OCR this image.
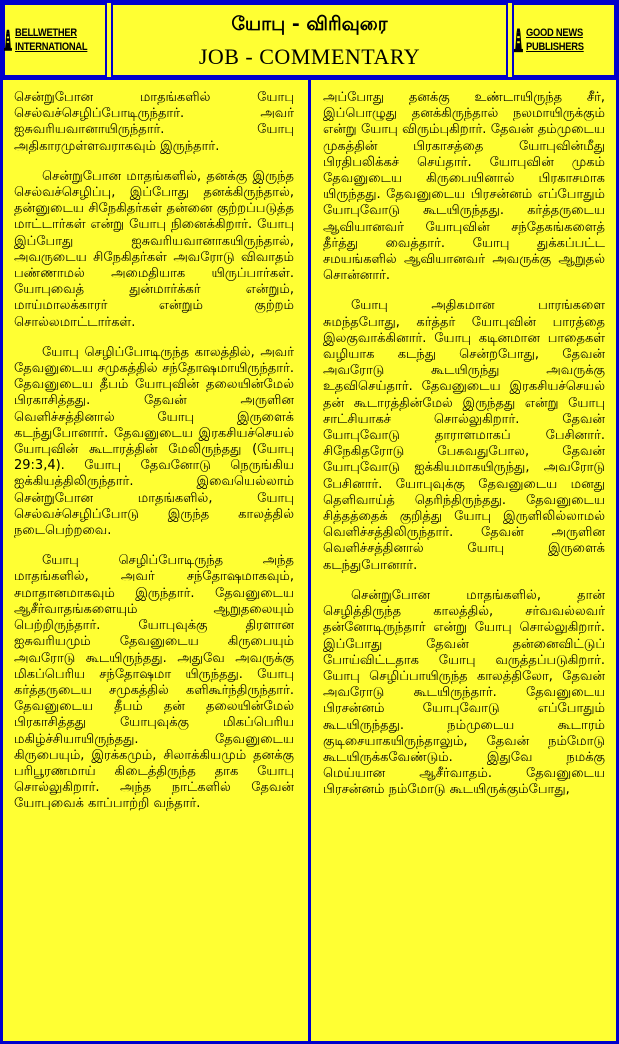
BELLWETHER INTERNATIONAL
யோபு - விரிவுரை
JOB - COMMENTARY
GOOD NEWS PUBLISHERS

சென்றுபோன மாதங்களில் யோபு செல்வச்செழிப்போடிருந்தார். அவர் ஐசுவரியவானாயிருந்தார். யோபு அதிகாரமுள்ளவராகவும் இருந்தார்.

சென்றுபோன மாதங்களில், தனக்கு இருந்த செல்வச்செழிப்பு, இப்போது தனக்கிருந்தால், தன்னுடைய சிநேகிதர்கள் தன்னை குற்றப்படுத்த மாட்டார்கள் என்று யோபு நினைக்கிறார். யோபு இப்போது ஐசுவரியவானாகயிருந்தால், அவருடைய சிநேகிதர்கள் அவரோடு விவாதம் பண்ணாமல் அமைதியாக யிருப்பார்கள். யோபுவைத் துன்மார்க்கர் என்றும், மாய்மாலக்காரர் என்றும் குற்றம் சொல்லமாட்டார்கள்.

யோபு செழிப்போடிருந்த காலத்தில், அவர் தேவனுடைய சமுகத்தில் சந்தோஷமாயிருந்தார். தேவனுடைய தீபம் யோபுவின் தலையின்மேல் பிரகாசித்தது. தேவன் அருளின வெளிச்சத்தினால் யோபு இருளைக் கடந்துபோனார். தேவனுடைய இரகசியச்செயல் யோபுவின் கூடாரத்தின் மேலிருந்தது (யோபு 29:3,4). யோபு தேவனோடு நெருங்கிய ஐக்கியத்திலிருந்தார். இவையெல்லாம் சென்றுபோன மாதங்களில், யோபு செல்வச்செழிப்போடு இருந்த காலத்தில் நடைபெற்றவை.

யோபு செழிப்போடிருந்த அந்த மாதங்களில், அவர் சந்தோஷமாகவும், சமாதானமாகவும் இருந்தார். தேவனுடைய ஆசீர்வாதங்களையும் ஆறுதலையும் பெற்றிருந்தார். யோபுவுக்கு திரளான ஐசுவரியமும் தேவனுடைய கிருபையும் அவரோடு கூடயிருந்தது. அதுவே அவருக்கு மிகப்பெரிய சந்தோஷமா யிருந்தது. யோபு கர்த்தருடைய சமுகத்தில் களிகூர்ந்திருந்தார். தேவனுடைய தீபம் தன் தலையின்மேல் பிரகாசித்தது யோபுவுக்கு மிகப்பெரிய மகிழ்ச்சியாயிருந்தது. தேவனுடைய கிருபையும், இரக்கமும், சிலாக்கியமும் தனக்கு பரிபூரணமாய் கிடைத்திருந்த தாக யோபு சொல்லுகிறார். அந்த நாட்களில் தேவன் யோபுவைக் காப்பாற்றி வந்தார்.

அப்போது தனக்கு உண்டாயிருந்த சீர், இப்பொழுது தனக்கிருந்தால் நலமாயிருக்கும் என்று யோபு விரும்புகிறார். தேவன் தம்முடைய முகத்தின் பிரகாசத்தை யோபுவின்மீது பிரதிபலிக்கச் செய்தார். யோபுவின் முகம் தேவனுடைய கிருபையினால் பிரகாசமாக யிருந்தது. தேவனுடைய பிரசன்னம் எப்போதும் யோபுவோடு கூடயிருந்தது. கர்த்தருடைய ஆவியானவர் யோபுவின் சந்தேகங்களைத் தீர்த்து வைத்தார். யோபு துக்கப்பட்ட சமயங்களில் ஆவியானவர் அவருக்கு ஆறுதல் சொன்னார்.

யோபு அதிகமான பாரங்களை சுமந்தபோது, கர்த்தர் யோபுவின் பாரத்தை இலகுவாக்கினார். யோபு கடினமான பாதைகள் வழியாக கடந்து சென்றபோது, தேவன் அவரோடு கூடயிருந்து அவருக்கு உதவிசெய்தார். தேவனுடைய இரகசியச்செயல் தன் கூடாரத்தின்மேல் இருந்தது என்று யோபு சாட்சியாகச் சொல்லுகிறார். தேவன் யோபுவோடு தாராளமாகப் பேசினார். சிநேகிதரோடு பேசுவதுபோல, தேவன் யோபுவோடு ஐக்கியமாகயிருந்து, அவரோடு பேசினார். யோபுவுக்கு தேவனுடைய மனது தெளிவாய்த் தெரிந்திருந்தது. தேவனுடைய சித்தத்தைக் குறித்து யோபு இருளிலில்லாமல் வெளிச்சத்திலிருந்தார். தேவன் அருளின வெளிச்சத்தினால் யோபு இருளைக் கடந்துபோனார்.

சென்றுபோன மாதங்களில், தான் செழித்திருந்த காலத்தில், சர்வவல்லவர் தன்னோடிருந்தார் என்று யோபு சொல்லுகிறார். இப்போது தேவன் தன்னைவிட்டுப் போய்விட்டதாக யோபு வருத்தப்படுகிறார். யோபு செழிப்பாயிருந்த காலத்திலோ, தேவன் அவரோடு கூடயிருந்தார். தேவனுடைய பிரசன்னம் யோபுவோடு எப்போதும் கூடயிருந்தது. நம்முடைய கூடாரம் குடிசையாகயிருந்தாலும், தேவன் நம்மோடு கூடயிருக்கவேண்டும். இதுவே நமக்கு மெய்யான ஆசீர்வாதம். தேவனுடைய பிரசன்னம் நம்மோடு கூடயிருக்கும்போது,
